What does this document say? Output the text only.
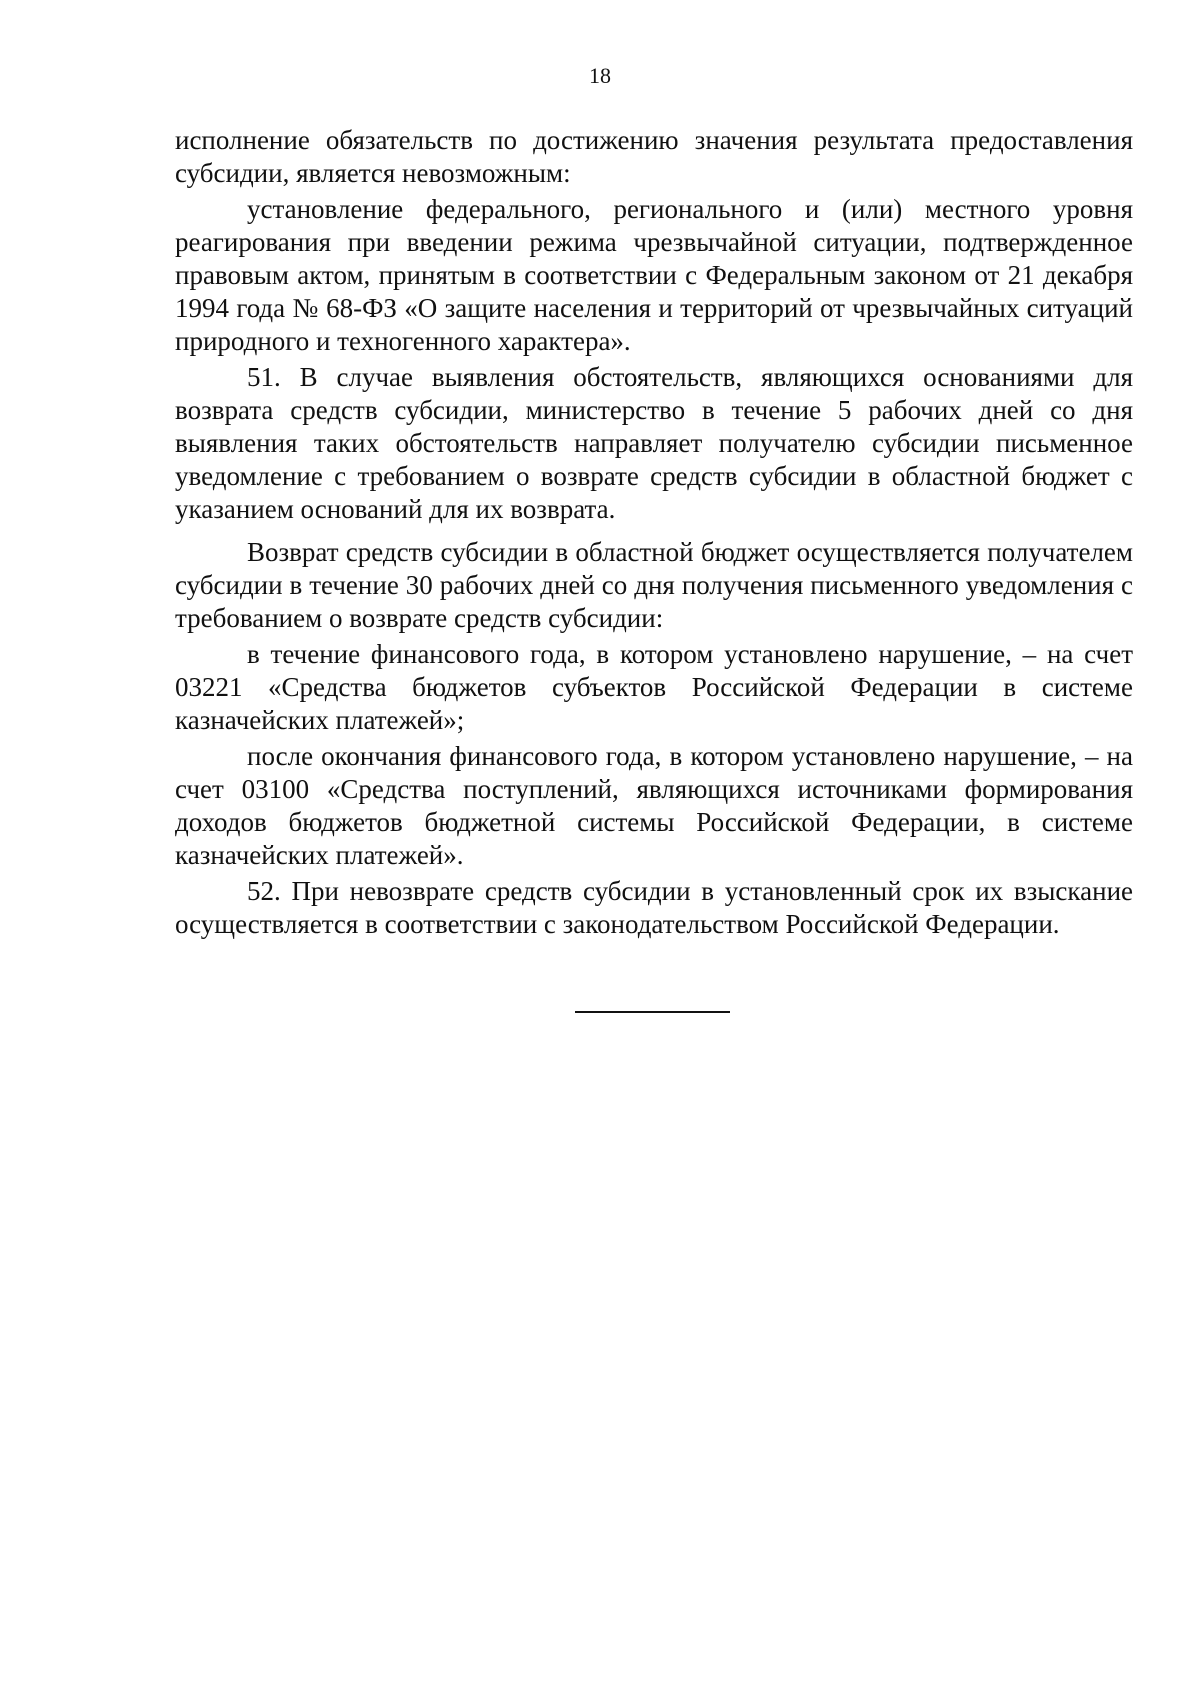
18

исполнение обязательств по достижению значения результата предоставления субсидии, является невозможным:

установление федерального, регионального и (или) местного уровня реагирования при введении режима чрезвычайной ситуации, подтвержденное правовым актом, принятым в соответствии с Федеральным законом от 21 декабря 1994 года № 68-ФЗ «О защите населения и территорий от чрезвычайных ситуаций природного и техногенного характера».

51. В случае выявления обстоятельств, являющихся основаниями для возврата средств субсидии, министерство в течение 5 рабочих дней со дня выявления таких обстоятельств направляет получателю субсидии письменное уведомление с требованием о возврате средств субсидии в областной бюджет с указанием оснований для их возврата.

Возврат средств субсидии в областной бюджет осуществляется получателем субсидии в течение 30 рабочих дней со дня получения письменного уведомления с требованием о возврате средств субсидии:

в течение финансового года, в котором установлено нарушение, – на счет 03221 «Средства бюджетов субъектов Российской Федерации в системе казначейских платежей»;

после окончания финансового года, в котором установлено нарушение, – на счет 03100 «Средства поступлений, являющихся источниками формирования доходов бюджетов бюджетной системы Российской Федерации, в системе казначейских платежей».

52. При невозврате средств субсидии в установленный срок их взыскание осуществляется в соответствии с законодательством Российской Федерации.
